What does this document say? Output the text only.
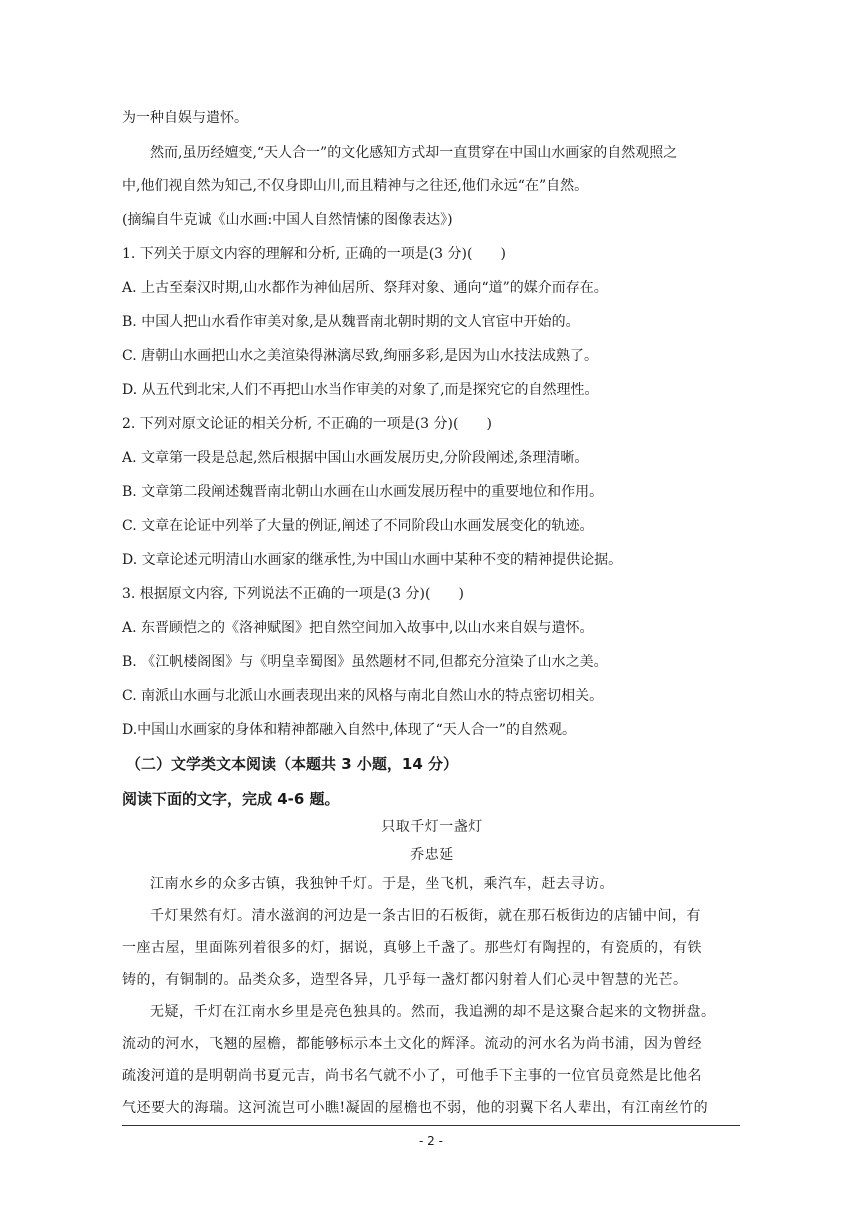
为一种自娱与遣怀。
然而,虽历经嬗变,“天人合一”的文化感知方式却一直贯穿在中国山水画家的自然观照之
中,他们视自然为知己,不仅身即山川,而且精神与之往还,他们永远“在”自然。
(摘编自牛克诚《山水画:中国人自然情愫的图像表达》)
1. 下列关于原文内容的理解和分析, 正确的一项是(3 分)(　　)
A. 上古至秦汉时期,山水都作为神仙居所、祭拜对象、通向“道”的媒介而存在。
B. 中国人把山水看作审美对象,是从魏晋南北朝时期的文人官宦中开始的。
C. 唐朝山水画把山水之美渲染得淋漓尽致,绚丽多彩,是因为山水技法成熟了。
D. 从五代到北宋,人们不再把山水当作审美的对象了,而是探究它的自然理性。
2. 下列对原文论证的相关分析, 不正确的一项是(3 分)(　　)
A. 文章第一段是总起,然后根据中国山水画发展历史,分阶段阐述,条理清晰。
B. 文章第二段阐述魏晋南北朝山水画在山水画发展历程中的重要地位和作用。
C. 文章在论证中列举了大量的例证,阐述了不同阶段山水画发展变化的轨迹。
D. 文章论述元明清山水画家的继承性,为中国山水画中某种不变的精神提供论据。
3. 根据原文内容, 下列说法不正确的一项是(3 分)(　　)
A. 东晋顾恺之的《洛神赋图》把自然空间加入故事中,以山水来自娱与遣怀。
B. 《江帆楼阁图》与《明皇幸蜀图》虽然题材不同,但都充分渲染了山水之美。
C. 南派山水画与北派山水画表现出来的风格与南北自然山水的特点密切相关。
D.中国山水画家的身体和精神都融入自然中,体现了“天人合一”的自然观。
（二）文学类文本阅读（本题共 3 小题，14 分）
阅读下面的文字，完成 4-6 题。
只取千灯一盏灯
乔忠延
江南水乡的众多古镇，我独钟千灯。于是，坐飞机，乘汽车，赶去寻访。
千灯果然有灯。清水滋润的河边是一条古旧的石板街，就在那石板街边的店铺中间，有
一座古屋，里面陈列着很多的灯，据说，真够上千盏了。那些灯有陶捏的，有瓷质的，有铁
铸的，有铜制的。品类众多，造型各异，几乎每一盏灯都闪射着人们心灵中智慧的光芒。
无疑，千灯在江南水乡里是亮色独具的。然而，我追溯的却不是这聚合起来的文物拼盘。
流动的河水，飞翘的屋檐，都能够标示本土文化的辉泽。流动的河水名为尚书浦，因为曾经
疏浚河道的是明朝尚书夏元吉，尚书名气就不小了，可他手下主事的一位官员竟然是比他名
- 2 -
气还要大的海瑞。这河流岂可小瞧!凝固的屋檐也不弱，他的羽翼下名人辈出，有江南丝竹的
